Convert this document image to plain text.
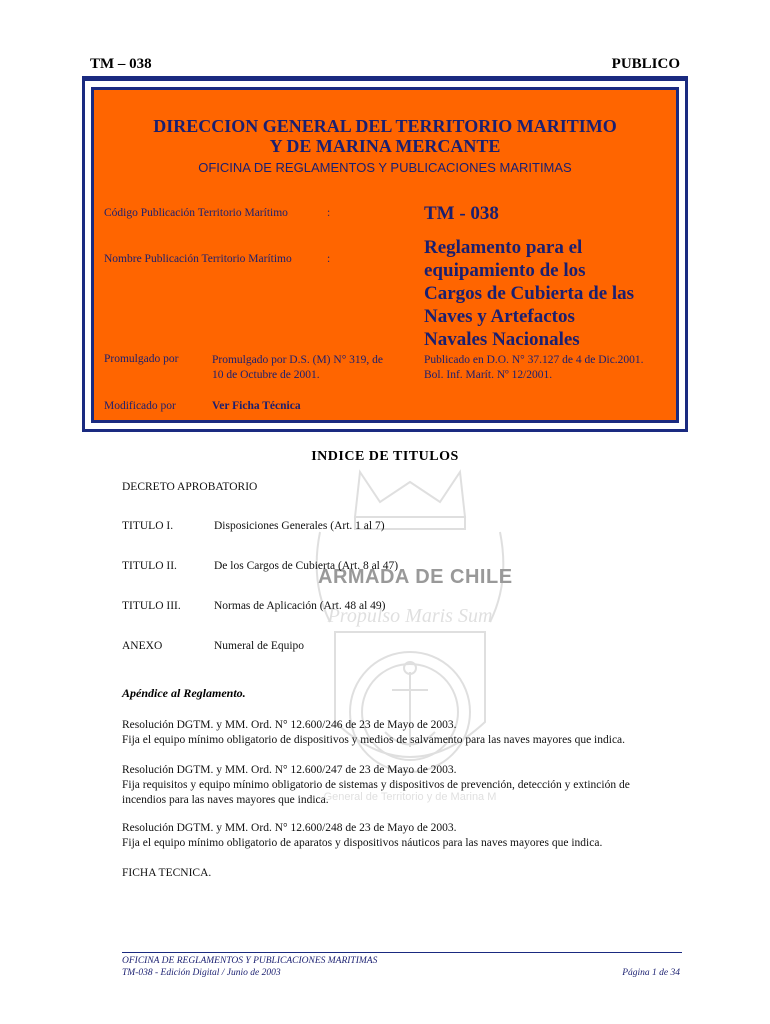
TM – 038	PUBLICO
DIRECCION GENERAL DEL TERRITORIO MARITIMO
Y DE MARINA MERCANTE
OFICINA DE REGLAMENTOS Y PUBLICACIONES MARITIMAS
Código Publicación Territorio Marítimo	:	TM - 038
Nombre Publicación Territorio Marítimo	:
Reglamento para el
equipamiento de los
Cargos de Cubierta de las
Naves y Artefactos
Navales Nacionales
Promulgado por	Promulgado por D.S. (M) N° 319, de
10 de Octubre de 2001.
Publicado en D.O. N° 37.127 de 4 de Dic.2001.
Bol. Inf. Marít. Nº 12/2001.
Modificado por	Ver Ficha Técnica
Propulso Maris Sum
General de Territorio y de Marina M
ARMADA DE CHILE
INDICE DE TITULOS
DECRETO APROBATORIO
TITULO I.	Disposiciones Generales (Art. 1 al 7)
TITULO II.	De los Cargos de Cubierta (Art. 8 al 47)
TITULO III.	Normas de Aplicación (Art. 48 al 49)
ANEXO	Numeral de Equipo
Apéndice al Reglamento.
Resolución DGTM. y MM. Ord. N° 12.600/246 de 23 de Mayo de 2003.
Fija el equipo mínimo obligatorio de dispositivos y medios de salvamento para las naves mayores que indica.
Resolución DGTM. y MM. Ord. N° 12.600/247 de 23 de Mayo de 2003.
Fija requisitos y equipo mínimo obligatorio de sistemas y dispositivos de prevención, detección y extinción de
incendios para las naves mayores que indica.
Resolución DGTM. y MM. Ord. N° 12.600/248 de 23 de Mayo de 2003.
Fija el equipo mínimo obligatorio de aparatos y dispositivos náuticos para las naves mayores que indica.
FICHA TECNICA.
OFICINA DE REGLAMENTOS Y PUBLICACIONES MARITIMAS
TM-038 - Edición Digital / Junio de 2003	Página 1 de 34
